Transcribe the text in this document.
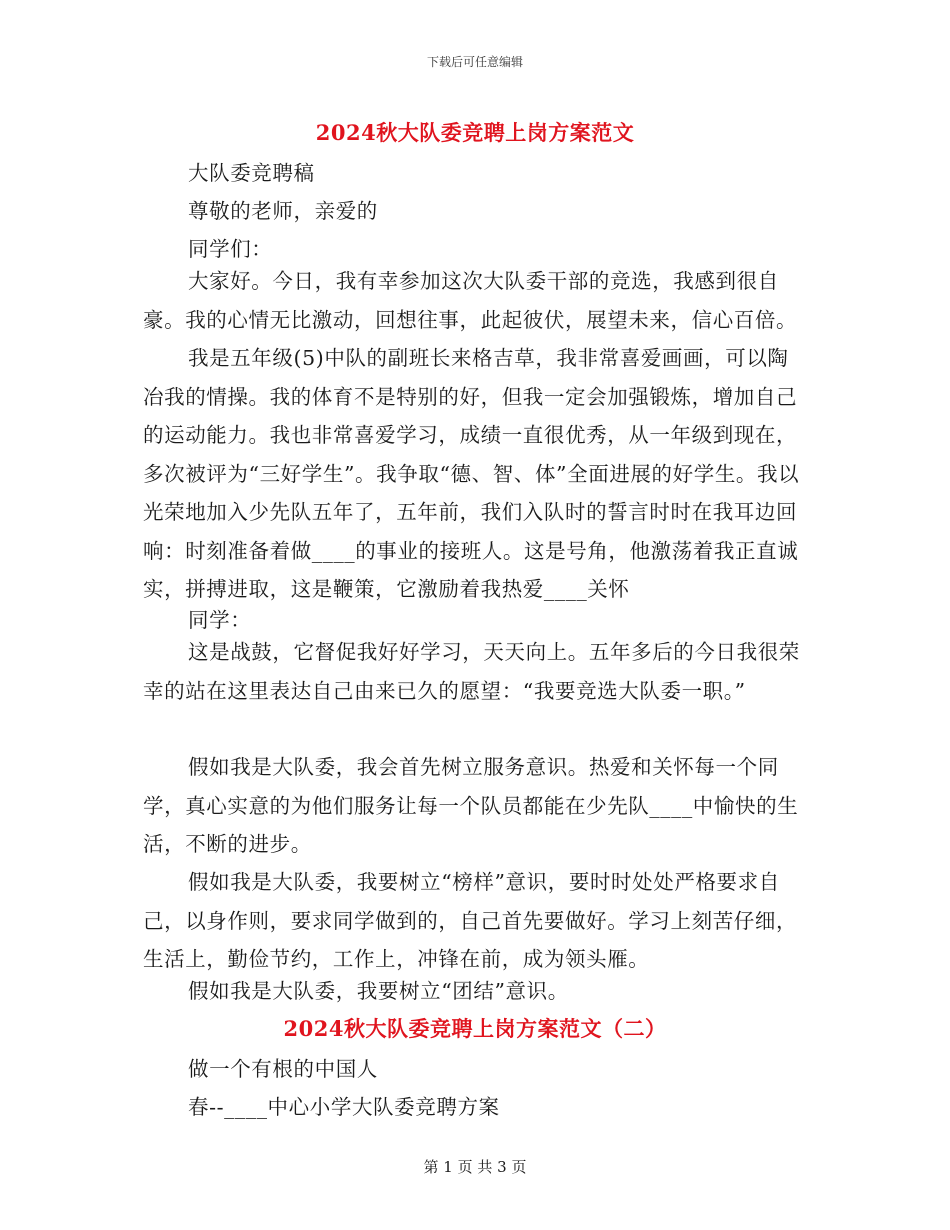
下载后可任意编辑
2024秋大队委竞聘上岗方案范文
大队委竞聘稿
尊敬的老师，亲爱的
同学们：

大家好。今日，我有幸参加这次大队委干部的竞选，我感到很自豪。我的心情无比激动，回想往事，此起彼伏，展望未来，信心百倍。

我是五年级(5)中队的副班长来格吉草，我非常喜爱画画，可以陶冶我的情操。我的体育不是特别的好，但我一定会加强锻炼，增加自己的运动能力。我也非常喜爱学习，成绩一直很优秀，从一年级到现在，多次被评为“三好学生”。我争取“德、智、体”全面进展的好学生。我以光荣地加入少先队五年了，五年前，我们入队时的誓言时时在我耳边回响：时刻准备着做____的事业的接班人。这是号角，他激荡着我正直诚实，拼搏进取，这是鞭策，它激励着我热爱____关怀

同学：

这是战鼓，它督促我好好学习，天天向上。五年多后的今日我很荣幸的站在这里表达自己由来已久的愿望：“我要竞选大队委一职。”

假如我是大队委，我会首先树立服务意识。热爱和关怀每一个同学，真心实意的为他们服务让每一个队员都能在少先队____中愉快的生活，不断的进步。

假如我是大队委，我要树立“榜样”意识，要时时处处严格要求自己，以身作则，要求同学做到的，自己首先要做好。学习上刻苦仔细，生活上，勤俭节约，工作上，冲锋在前，成为领头雁。

假如我是大队委，我要树立“团结”意识。
2024秋大队委竞聘上岗方案范文（二）
做一个有根的中国人
春--____中心小学大队委竞聘方案
第 1 页 共 3 页
